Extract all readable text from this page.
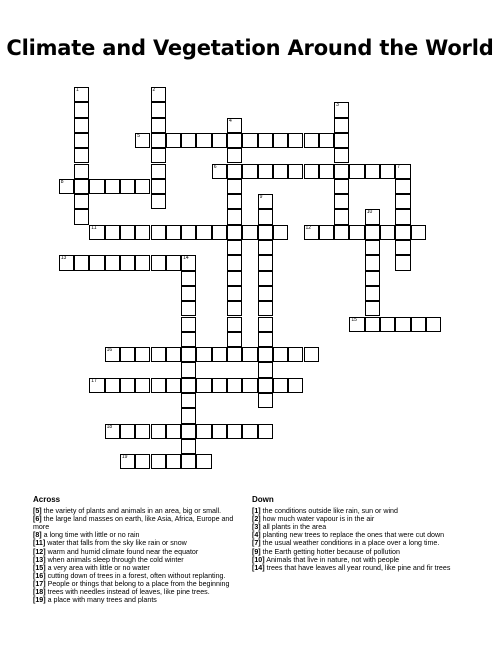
Climate and Vegetation Around the World
1	2
3
4
5
6	7
8
9
10
11	12
13	14
15
16
17
18
19
Across
[5] the variety of plants and animals in an area, big or small.
[6] the large land masses on earth, like Asia, Africa, Europe and more
[8] a long time with little or no rain
[11] water that falls from the sky like rain or snow
[12] warm and humid climate found near the equator
[13] when animals sleep through the cold winter
[15] a very area with little or no water
[16] cutting down of trees in a forest, often without replanting.
[17] People or things that belong to a place from the beginning
[18] trees with needles instead of leaves, like pine trees.
[19] a place with many trees and plants
Down
[1] the conditions outside like rain, sun or wind
[2] how much water vapour is in the air
[3] all plants in the area
[4] planting new trees to replace the ones that were cut down
[7] the usual weather conditions in a place over a long time.
[9] the Earth getting hotter because of pollution
[10] Animals that live in nature, not with people
[14] trees that have leaves all year round, like pine and fir trees
